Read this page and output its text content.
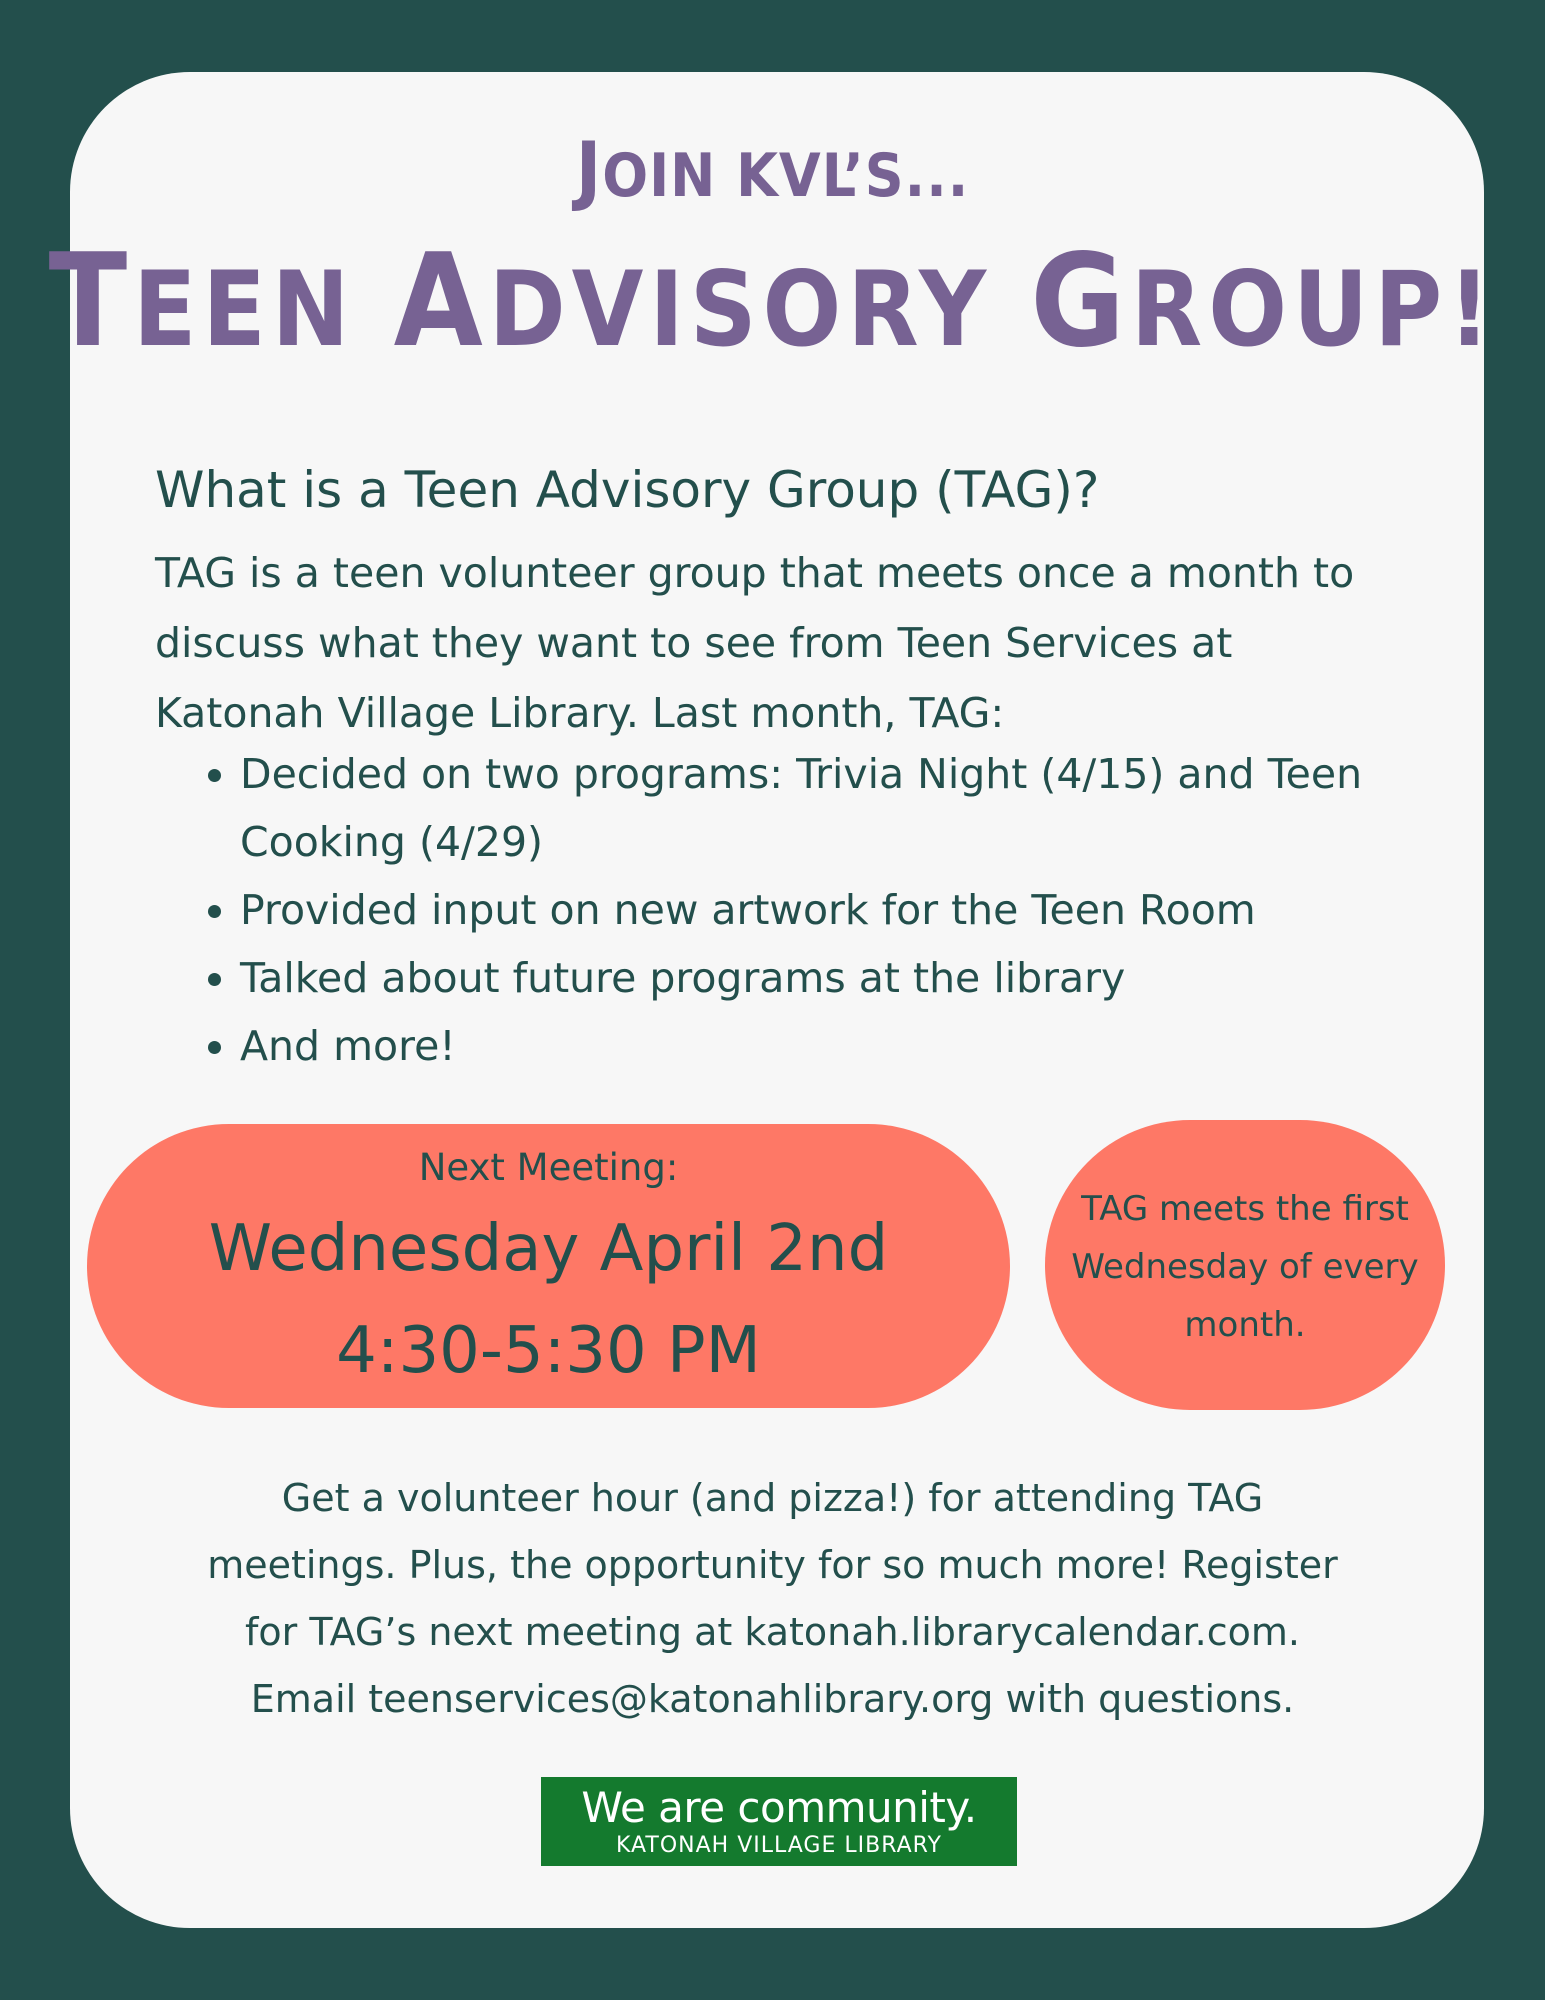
JOIN KVL’S...
TEEN ADVISORY GROUP!
What is a Teen Advisory Group (TAG)?
TAG is a teen volunteer group that meets once a month to discuss what they want to see from Teen Services at Katonah Village Library. Last month, TAG:
• Decided on two programs: Trivia Night (4/15) and Teen Cooking (4/29)
• Provided input on new artwork for the Teen Room
• Talked about future programs at the library
• And more!
Next Meeting:
Wednesday April 2nd
4:30-5:30 PM
TAG meets the first Wednesday of every month.
Get a volunteer hour (and pizza!) for attending TAG
meetings. Plus, the opportunity for so much more! Register
for TAG’s next meeting at katonah.librarycalendar.com.
Email teenservices@katonahlibrary.org with questions.
We are community.
KATONAH VILLAGE LIBRARY
